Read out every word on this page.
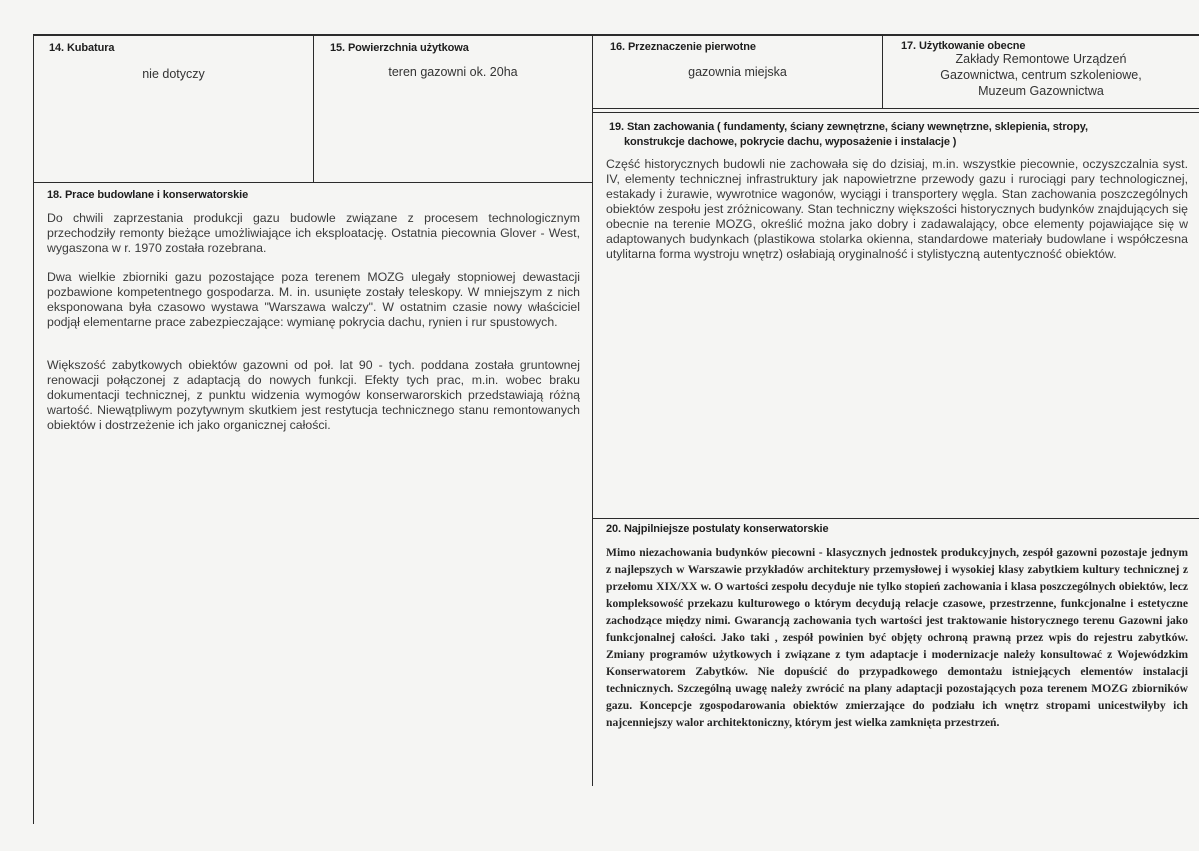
14. Kubatura
nie dotyczy
15. Powierzchnia użytkowa
teren gazowni ok. 20ha
16. Przeznaczenie pierwotne
gazownia miejska
17. Użytkowanie obecne
Zakłady Remontowe Urządzeń
Gazownictwa, centrum szkoleniowe,
Muzeum Gazownictwa
18. Prace budowlane i konserwatorskie

Do chwili zaprzestania produkcji gazu budowle związane z procesem technologicznym przechodziły remonty bieżące umożliwiające ich eksploatację. Ostatnia piecownia Glover - West, wygaszona w r. 1970 została rozebrana.

Dwa wielkie zbiorniki gazu pozostające poza terenem MOZG ulegały stopniowej dewastacji pozbawione kompetentnego gospodarza. M. in. usunięte zostały teleskopy. W mniejszym z nich eksponowana była czasowo wystawa "Warszawa walczy". W ostatnim czasie nowy właściciel podjął elementarne prace zabezpieczające: wymianę pokrycia dachu, rynien i rur spustowych.

Większość zabytkowych obiektów gazowni od poł. lat 90 - tych. poddana została gruntownej renowacji połączonej z adaptacją do nowych funkcji. Efekty tych prac, m.in. wobec braku dokumentacji technicznej, z punktu widzenia wymogów konserwarorskich przedstawiają różną wartość. Niewątpliwym pozytywnym skutkiem jest restytucja technicznego stanu remontowanych obiektów i dostrzeżenie ich jako organicznej całości.

19. Stan zachowania ( fundamenty, ściany zewnętrzne, ściany wewnętrzne, sklepienia, stropy,
konstrukcje dachowe, pokrycie dachu, wyposażenie i instalacje )

Część historycznych budowli nie zachowała się do dzisiaj, m.in. wszystkie piecownie, oczyszczalnia syst. IV, elementy technicznej infrastruktury jak napowietrzne przewody gazu i rurociągi pary technologicznej, estakady i żurawie, wywrotnice wagonów, wyciągi i transportery węgla. Stan zachowania poszczególnych obiektów zespołu jest zróżnicowany. Stan techniczny większości historycznych budynków znajdujących się obecnie na terenie MOZG, określić można jako dobry i zadawalający, obce elementy pojawiające się w adaptowanych budynkach (plastikowa stolarka okienna, standardowe materiały budowlane i współczesna utylitarna forma wystroju wnętrz) osłabiają oryginalność i stylistyczną autentyczność obiektów.

20. Najpilniejsze postulaty konserwatorskie

Mimo niezachowania budynków piecowni - klasycznych jednostek produkcyjnych, zespół gazowni pozostaje jednym z najlepszych w Warszawie przykładów architektury przemysłowej i wysokiej klasy zabytkiem kultury technicznej z przełomu XIX/XX w. O wartości zespołu decyduje nie tylko stopień zachowania i klasa poszczególnych obiektów, lecz kompleksowość przekazu kulturowego o którym decydują relacje czasowe, przestrzenne, funkcjonalne i estetyczne zachodzące między nimi. Gwarancją zachowania tych wartości jest traktowanie historycznego terenu Gazowni jako funkcjonalnej całości. Jako taki , zespół powinien być objęty ochroną prawną przez wpis do rejestru zabytków. Zmiany programów użytkowych i związane z tym adaptacje i modernizacje należy konsultować z Wojewódzkim Konserwatorem Zabytków. Nie dopuścić do przypadkowego demontażu istniejących elementów instalacji technicznych. Szczególną uwagę należy zwrócić na plany adaptacji pozostających poza terenem MOZG zbiorników gazu. Koncepcje zgospodarowania obiektów zmierzające do podziału ich wnętrz stropami unicestwiłyby ich najcenniejszy walor architektoniczny, którym jest wielka zamknięta przestrzeń.
